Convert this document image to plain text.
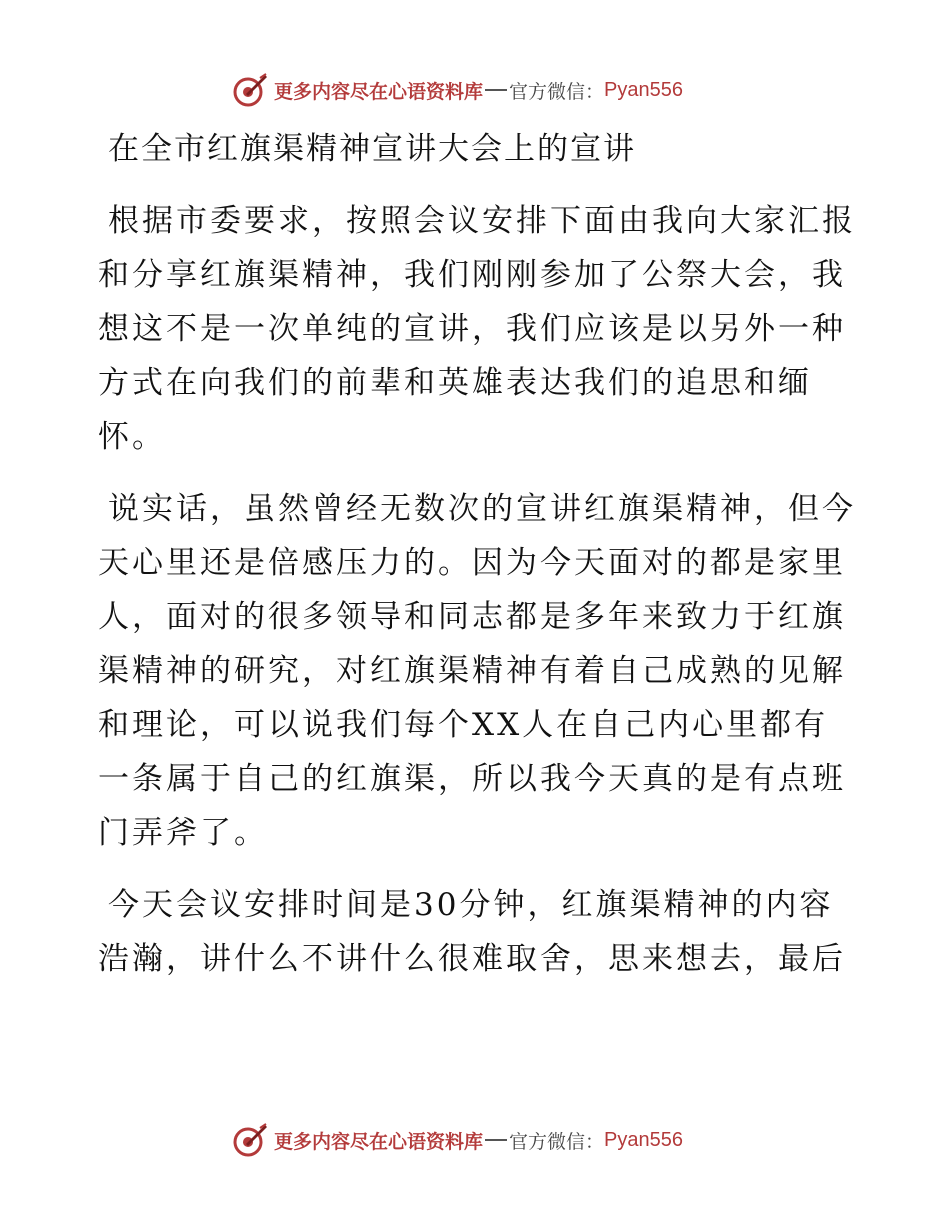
更多内容尽在心语资料库 官方微信： Pyan556
在全市红旗渠精神宣讲大会上的宣讲

根据市委要求，按照会议安排下面由我向大家汇报和分享红旗渠精神，我们刚刚参加了公祭大会，我想这不是一次单纯的宣讲，我们应该是以另外一种方式在向我们的前辈和英雄表达我们的追思和缅怀。

说实话，虽然曾经无数次的宣讲红旗渠精神，但今天心里还是倍感压力的。因为今天面对的都是家里人，面对的很多领导和同志都是多年来致力于红旗渠精神的研究，对红旗渠精神有着自己成熟的见解和理论，可以说我们每个XX人在自己内心里都有一条属于自己的红旗渠，所以我今天真的是有点班门弄斧了。

今天会议安排时间是30分钟，红旗渠精神的内容浩瀚，讲什么不讲什么很难取舍，思来想去，最后

更多内容尽在心语资料库 官方微信： Pyan556
